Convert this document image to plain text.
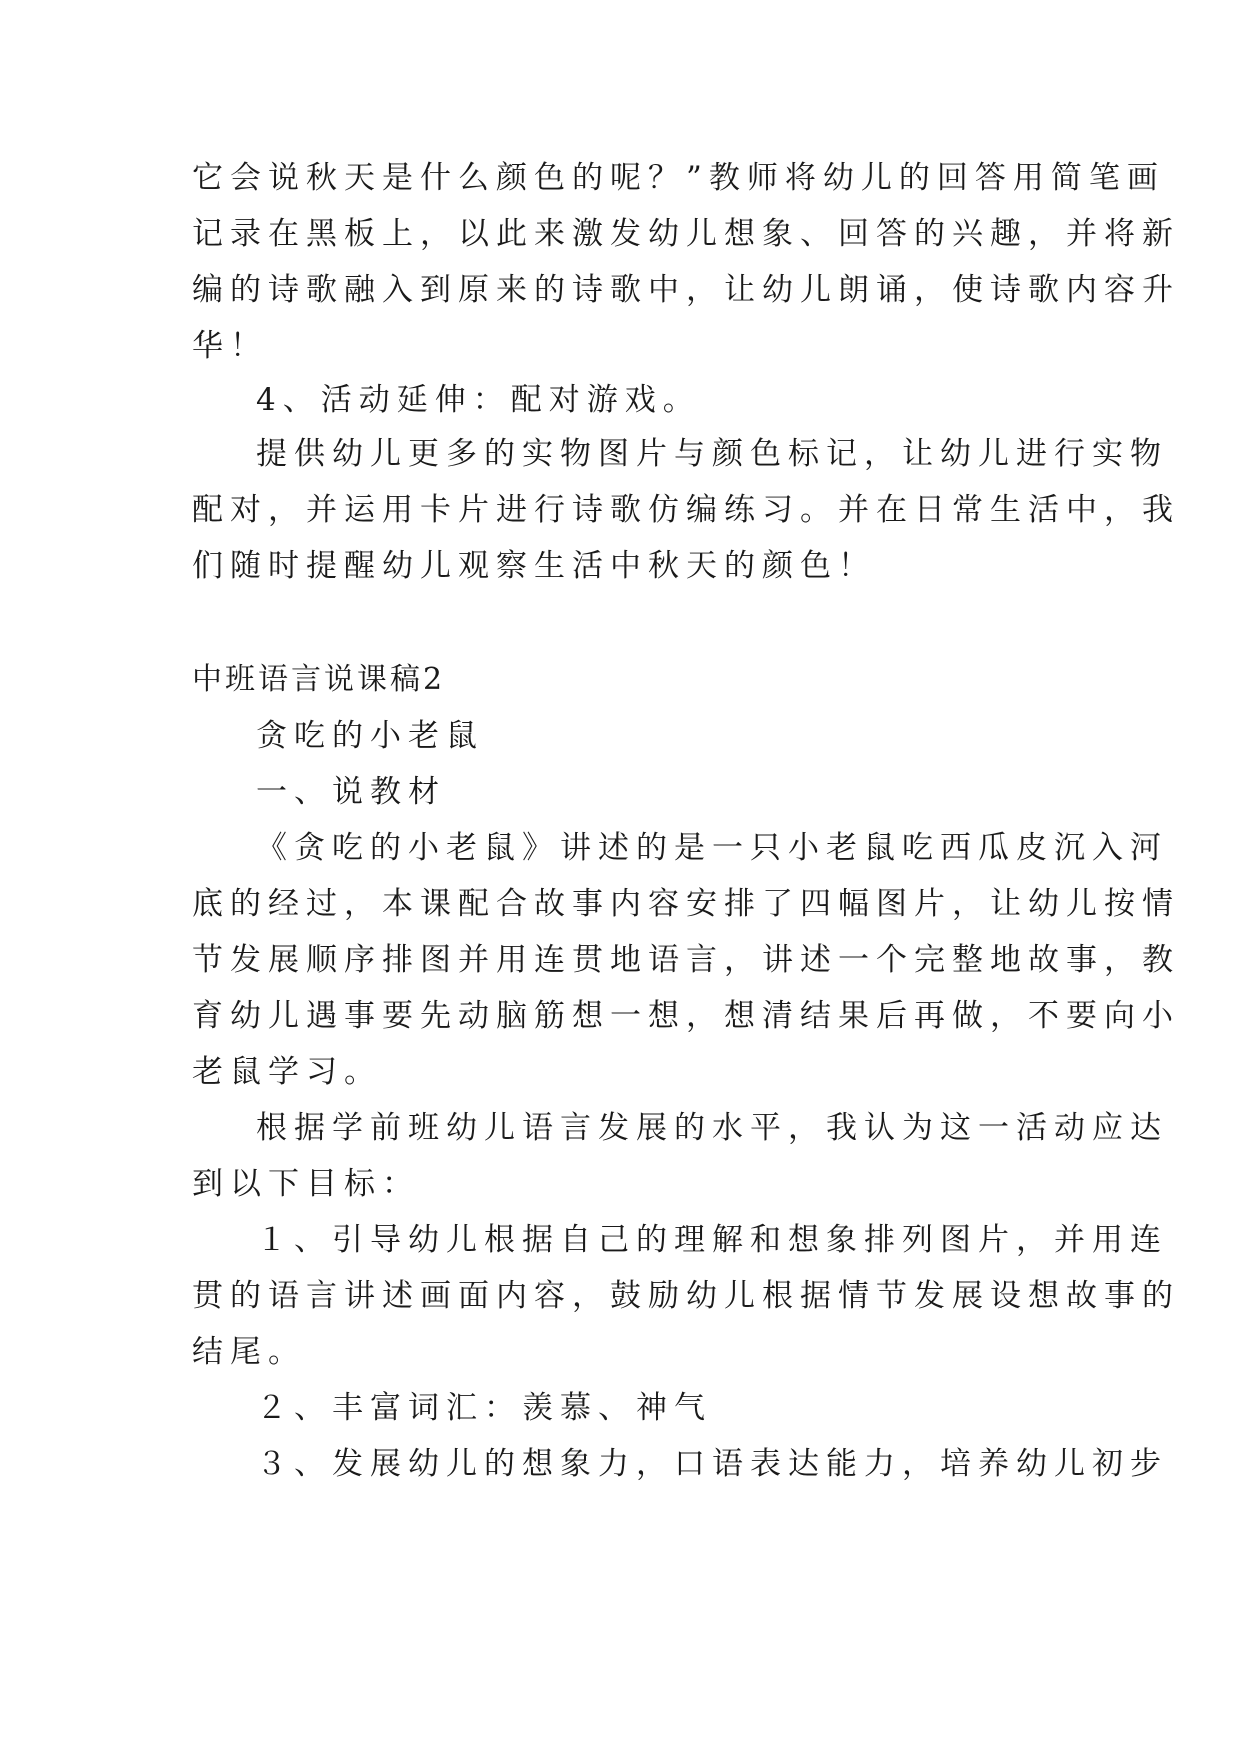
它会说秋天是什么颜色的呢？”教师将幼儿的回答用简笔画
记录在黑板上，以此来激发幼儿想象、回答的兴趣，并将新
编的诗歌融入到原来的诗歌中，让幼儿朗诵，使诗歌内容升
华！
4、活动延伸：配对游戏。
提供幼儿更多的实物图片与颜色标记，让幼儿进行实物
配对，并运用卡片进行诗歌仿编练习。并在日常生活中，我
们随时提醒幼儿观察生活中秋天的颜色！
中班语言说课稿2
贪吃的小老鼠
一、说教材
《贪吃的小老鼠》讲述的是一只小老鼠吃西瓜皮沉入河
底的经过，本课配合故事内容安排了四幅图片，让幼儿按情
节发展顺序排图并用连贯地语言，讲述一个完整地故事，教
育幼儿遇事要先动脑筋想一想，想清结果后再做，不要向小
老鼠学习。
根据学前班幼儿语言发展的水平，我认为这一活动应达
到以下目标：
１、引导幼儿根据自己的理解和想象排列图片，并用连
贯的语言讲述画面内容，鼓励幼儿根据情节发展设想故事的
结尾。
２、丰富词汇：羡慕、神气
３、发展幼儿的想象力，口语表达能力，培养幼儿初步
